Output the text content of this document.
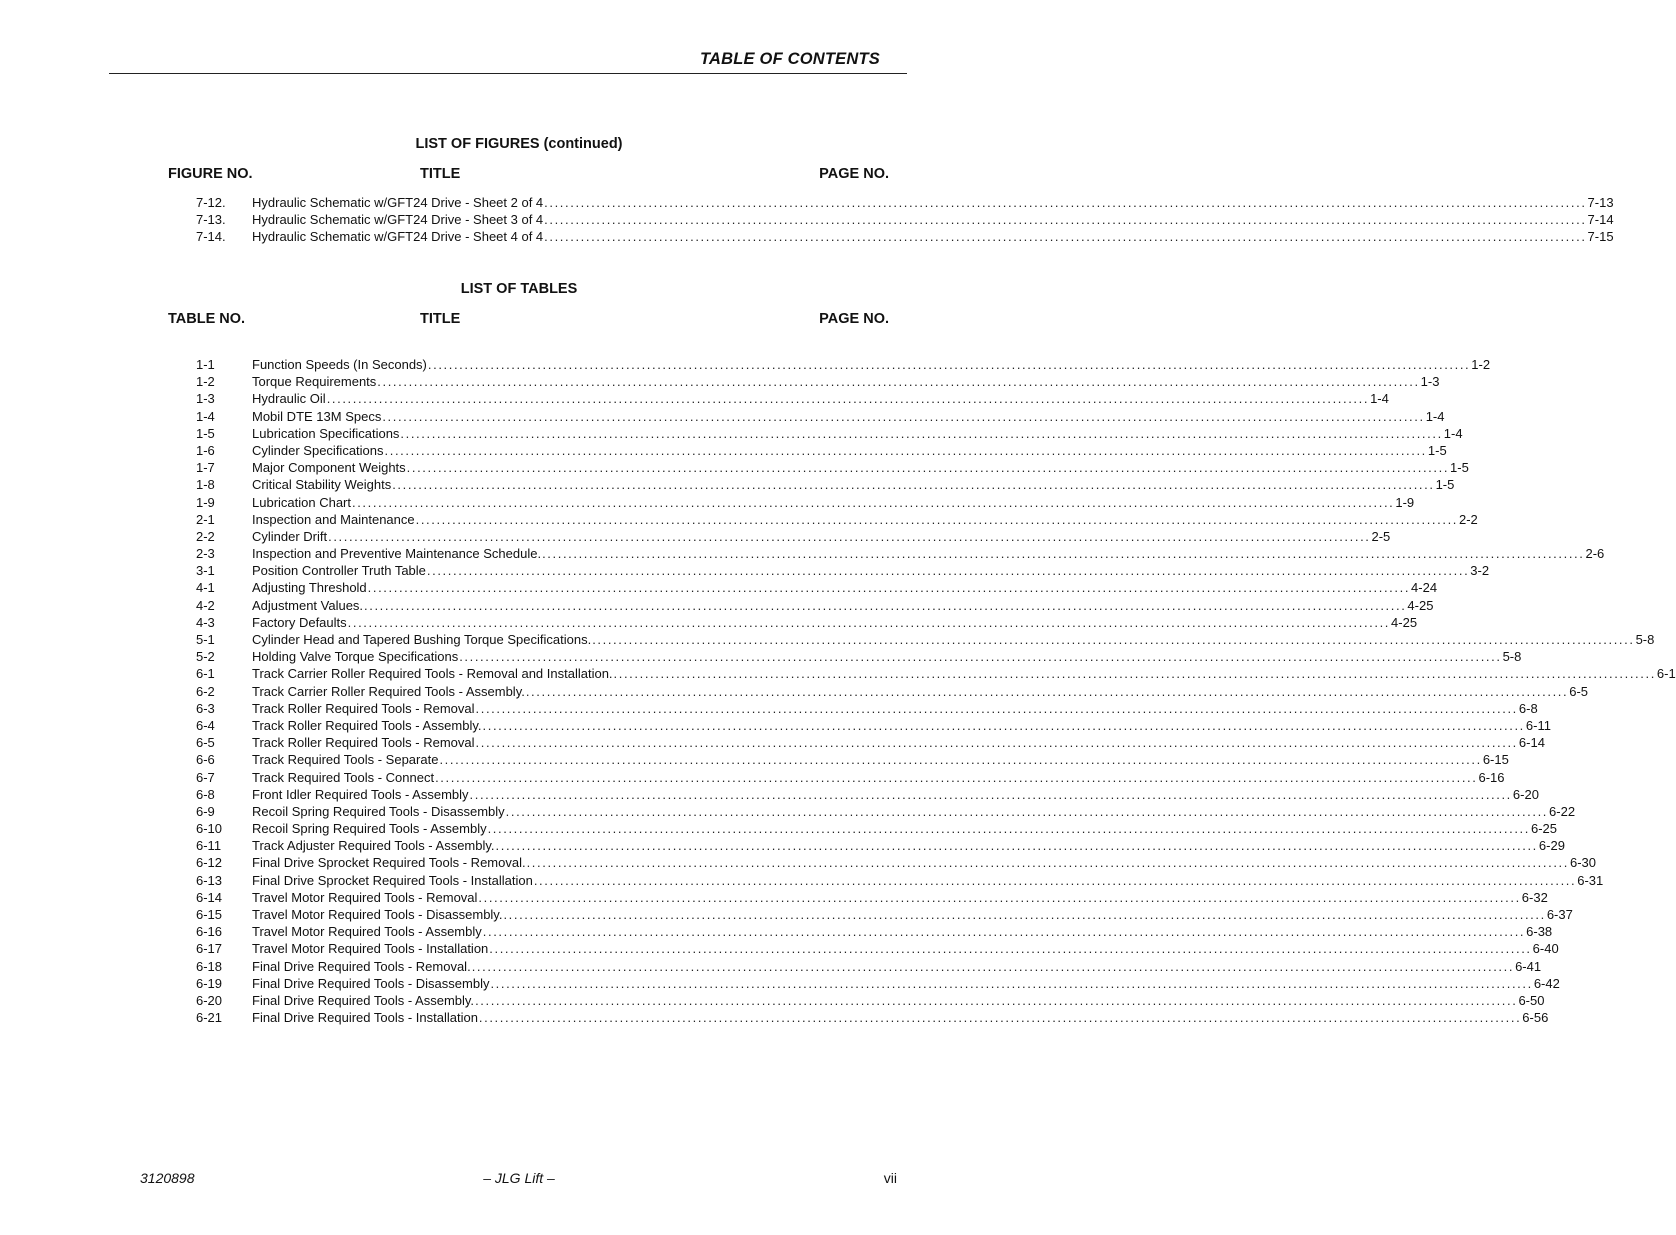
TABLE OF CONTENTS
LIST OF FIGURES (continued)
FIGURE NO.	TITLE	PAGE NO.
7-12.	Hydraulic Schematic w/GFT24 Drive - Sheet 2 of 4 ........................................................................................................................................................................................................ 7-13
7-13.	Hydraulic Schematic w/GFT24 Drive - Sheet 3 of 4 ........................................................................................................................................................................................................ 7-14
7-14.	Hydraulic Schematic w/GFT24 Drive - Sheet 4 of 4 ........................................................................................................................................................................................................ 7-15
LIST OF TABLES
TABLE NO.	TITLE	PAGE NO.
1-1	Function Speeds (In Seconds) ........................................................................................................................................................................................................ 1-2
1-2	Torque Requirements ........................................................................................................................................................................................................ 1-3
1-3	Hydraulic Oil ........................................................................................................................................................................................................ 1-4
1-4	Mobil DTE 13M Specs ........................................................................................................................................................................................................ 1-4
1-5	Lubrication Specifications ........................................................................................................................................................................................................ 1-4
1-6	Cylinder Specifications ........................................................................................................................................................................................................ 1-5
1-7	Major Component Weights ........................................................................................................................................................................................................ 1-5
1-8	Critical Stability Weights ........................................................................................................................................................................................................ 1-5
1-9	Lubrication Chart ........................................................................................................................................................................................................ 1-9
2-1	Inspection and Maintenance ........................................................................................................................................................................................................ 2-2
2-2	Cylinder Drift ........................................................................................................................................................................................................ 2-5
2-3	Inspection and Preventive Maintenance Schedule. ........................................................................................................................................................................................................ 2-6
3-1	Position Controller Truth Table ........................................................................................................................................................................................................ 3-2
4-1	Adjusting Threshold ........................................................................................................................................................................................................ 4-24
4-2	Adjustment Values. ........................................................................................................................................................................................................ 4-25
4-3	Factory Defaults ........................................................................................................................................................................................................ 4-25
5-1	Cylinder Head and Tapered Bushing Torque Specifications. ........................................................................................................................................................................................................ 5-8
5-2	Holding Valve Torque Specifications ........................................................................................................................................................................................................ 5-8
6-1	Track Carrier Roller Required Tools - Removal and Installation. ........................................................................................................................................................................................................ 6-1
6-2	Track Carrier Roller Required Tools - Assembly. ........................................................................................................................................................................................................ 6-5
6-3	Track Roller Required Tools - Removal ........................................................................................................................................................................................................ 6-8
6-4	Track Roller Required Tools - Assembly. ........................................................................................................................................................................................................ 6-11
6-5	Track Roller Required Tools - Removal ........................................................................................................................................................................................................ 6-14
6-6	Track Required Tools - Separate ........................................................................................................................................................................................................ 6-15
6-7	Track Required Tools - Connect ........................................................................................................................................................................................................ 6-16
6-8	Front Idler Required Tools - Assembly ........................................................................................................................................................................................................ 6-20
6-9	Recoil Spring Required Tools - Disassembly ........................................................................................................................................................................................................ 6-22
6-10	Recoil Spring Required Tools - Assembly ........................................................................................................................................................................................................ 6-25
6-11	Track Adjuster Required Tools - Assembly. ........................................................................................................................................................................................................ 6-29
6-12	Final Drive Sprocket Required Tools - Removal. ........................................................................................................................................................................................................ 6-30
6-13	Final Drive Sprocket Required Tools - Installation ........................................................................................................................................................................................................ 6-31
6-14	Travel Motor Required Tools - Removal ........................................................................................................................................................................................................ 6-32
6-15	Travel Motor Required Tools - Disassembly. ........................................................................................................................................................................................................ 6-37
6-16	Travel Motor Required Tools - Assembly ........................................................................................................................................................................................................ 6-38
6-17	Travel Motor Required Tools - Installation ........................................................................................................................................................................................................ 6-40
6-18	Final Drive Required Tools - Removal. ........................................................................................................................................................................................................ 6-41
6-19	Final Drive Required Tools - Disassembly ........................................................................................................................................................................................................ 6-42
6-20	Final Drive Required Tools - Assembly. ........................................................................................................................................................................................................ 6-50
6-21	Final Drive Required Tools - Installation ........................................................................................................................................................................................................ 6-56
3120898	– JLG Lift –	vii
